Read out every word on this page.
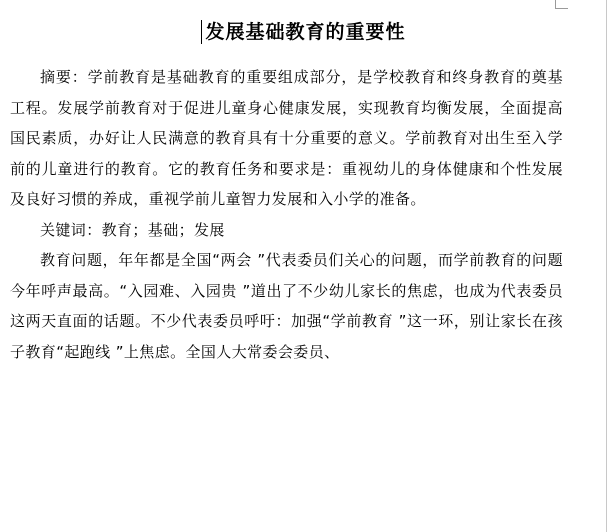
发展基础教育的重要性

摘要：学前教育是基础教育的重要组成部分，是学校教育和终身教育的奠基工程。发展学前教育对于促进儿童身心健康发展，实现教育均衡发展，全面提高国民素质，办好让人民满意的教育具有十分重要的意义。学前教育对出生至入学前的儿童进行的教育。它的教育任务和要求是：重视幼儿的身体健康和个性发展及良好习惯的养成，重视学前儿童智力发展和入小学的准备。

关键词：教育；基础；发展

教育问题，年年都是全国“两会 ”代表委员们关心的问题，而学前教育的问题今年呼声最高。“入园难、入园贵 ”道出了不少幼儿家长的焦虑，也成为代表委员这两天直面的话题。不少代表委员呼吁：加强“学前教育 ”这一环，别让家长在孩子教育“起跑线 ”上焦虑。全国人大常委会委员、
